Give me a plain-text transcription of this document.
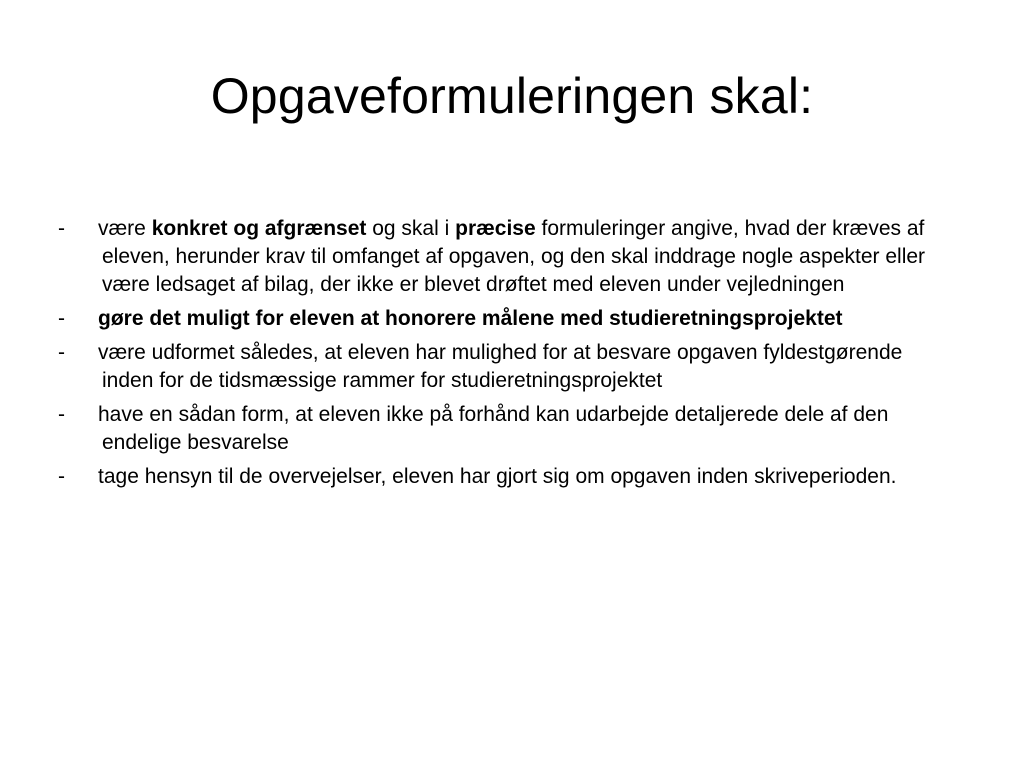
Opgaveformuleringen skal:
- være konkret og afgrænset og skal i præcise formuleringer angive, hvad der kræves af eleven, herunder krav til omfanget af opgaven, og den skal inddrage nogle aspekter eller være ledsaget af bilag, der ikke er blevet drøftet med eleven under vejledningen
- gøre det muligt for eleven at honorere målene med studieretningsprojektet
- være udformet således, at eleven har mulighed for at besvare opgaven fyldestgørende inden for de tidsmæssige rammer for studieretningsprojektet
- have en sådan form, at eleven ikke på forhånd kan udarbejde detaljerede dele af den endelige besvarelse
- tage hensyn til de overvejelser, eleven har gjort sig om opgaven inden skriveperioden.
